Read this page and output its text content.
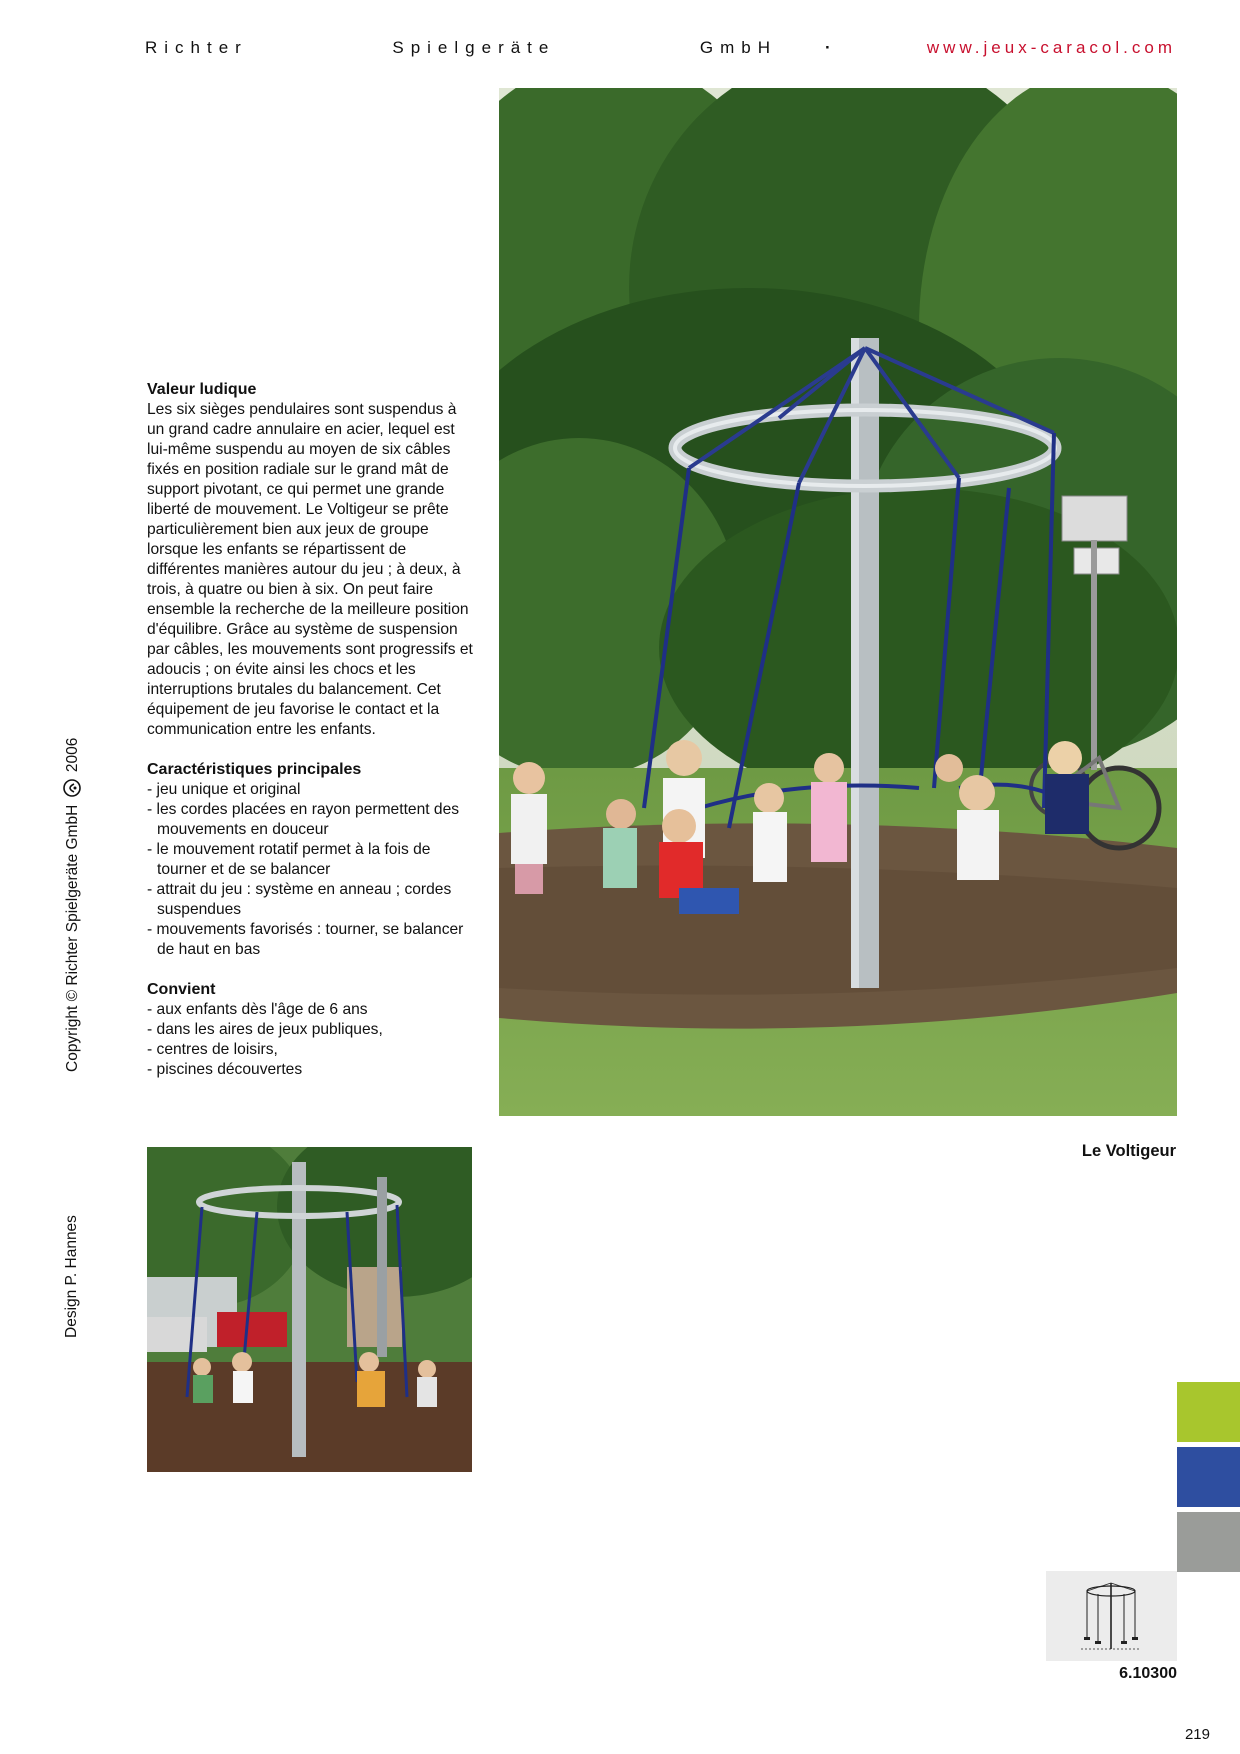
Richter Spielgeräte GmbH	·	www.jeux-caracol.com
Valeur ludique

Les six sièges pendulaires sont suspendus à un grand cadre annulaire en acier, lequel est lui-même suspendu au moyen de six câbles fixés en position radiale sur le grand mât de support pivotant, ce qui permet une grande liberté de mouvement. Le Voltigeur se prête particulièrement bien aux jeux de groupe lorsque les enfants se répartissent de différentes manières autour du jeu ; à deux, à trois, à quatre ou bien à six. On peut faire ensemble la recherche de la meilleure position d'équilibre. Grâce au système de suspension par câbles, les mouvements sont progressifs et adoucis ; on évite ainsi les chocs et les interruptions brutales du balancement. Cet équipement de jeu favorise le contact et la communication entre les enfants.

Caractéristiques principales
- jeu unique et original
- les cordes placées en rayon permettent des mouvements en douceur
- le mouvement rotatif permet à la fois de tourner et de se balancer
- attrait du jeu : système en anneau ; cordes suspendues
- mouvements favorisés : tourner, se balancer de haut en bas
Convient
- aux enfants dès l'âge de 6 ans
- dans les aires de jeux publiques,
- centres de loisirs,
- piscines découvertes
Copyright © Richter Spielgeräte GmbH  2006
Design P. Hannes
Le Voltigeur
6.10300
219
